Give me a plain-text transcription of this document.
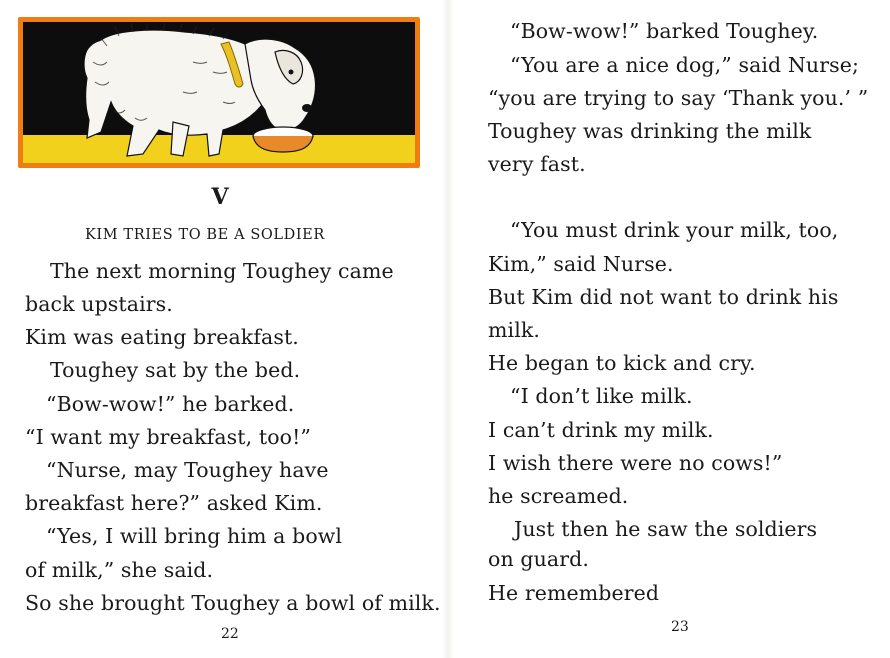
V
KIM TRIES TO BE A SOLDIER
The next morning Toughey came
back upstairs.
Kim was eating breakfast.
Toughey sat by the bed.
“Bow-wow!” he barked.
“I want my breakfast, too!”
“Nurse, may Toughey have
breakfast here?” asked Kim.
“Yes, I will bring him a bowl
of milk,” she said.
So she brought Toughey a bowl of milk.
22
“Bow-wow!” barked Toughey.
“You are a nice dog,” said Nurse;
“you are trying to say ‘Thank you.’ ”
Toughey was drinking the milk
very fast.
“You must drink your milk, too,
Kim,” said Nurse.
But Kim did not want to drink his
milk.
He began to kick and cry.
“I don’t like milk.
I can’t drink my milk.
I wish there were no cows!”
he screamed.
Just then he saw the soldiers
on guard.
He remembered
23
